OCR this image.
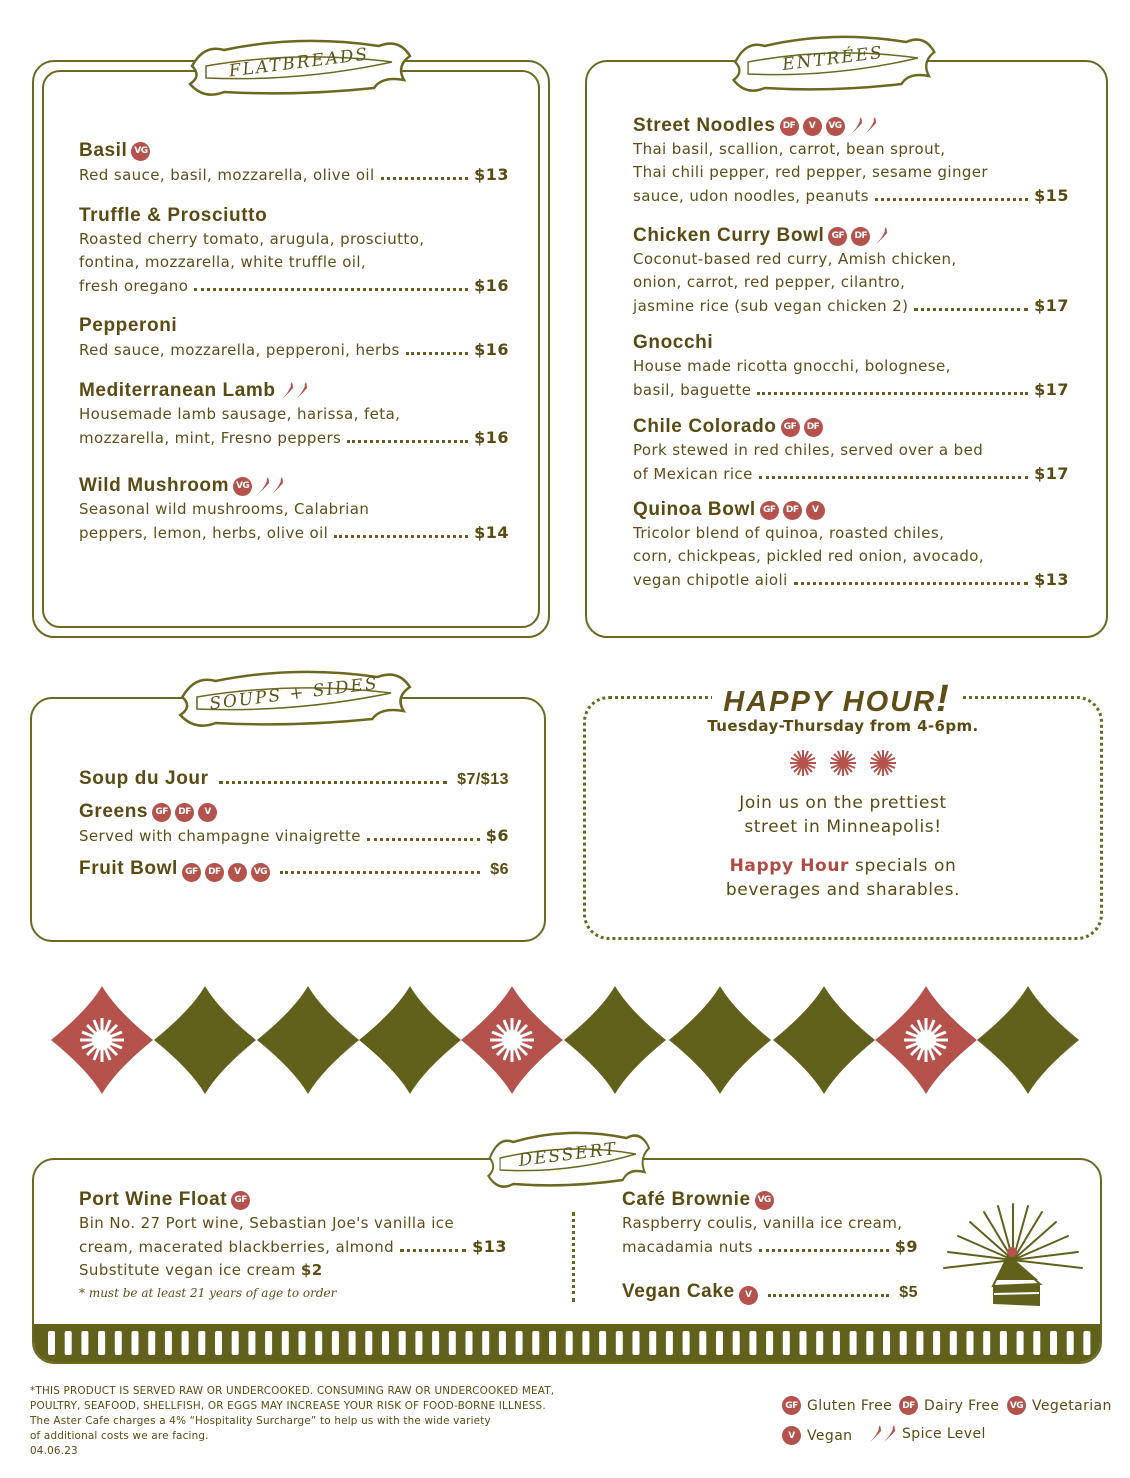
FLATBREADS
Basil VG
Red sauce, basil, mozzarella, olive oil	$13
Truffle & Prosciutto
Roasted cherry tomato, arugula, prosciutto,
fontina, mozzarella, white truffle oil,
fresh oregano	$16
Pepperoni
Red sauce, mozzarella, pepperoni, herbs	$16
Mediterranean Lamb
Housemade lamb sausage, harissa, feta,
mozzarella, mint, Fresno peppers	$16
Wild Mushroom VG
Seasonal wild mushrooms, Calabrian
peppers, lemon, herbs, olive oil	$14
ENTRÉES
Street Noodles DF	V	VG
Thai basil, scallion, carrot, bean sprout,
Thai chili pepper, red pepper, sesame ginger
sauce, udon noodles, peanuts	$15
Chicken Curry Bowl GF	DF
Coconut-based red curry, Amish chicken,
onion, carrot, red pepper, cilantro,
jasmine rice (sub vegan chicken 2)	$17
Gnocchi
House made ricotta gnocchi, bolognese,
basil, baguette	$17
Chile Colorado GF	DF
Pork stewed in red chiles, served over a bed
of Mexican rice	$17
Quinoa Bowl GF	DF	V
Tricolor blend of quinoa, roasted chiles,
corn, chickpeas, pickled red onion, avocado,
vegan chipotle aioli	$13
SOUPS + SIDES
Soup du Jour	$7/$13
Greens GF	DF	V
Served with champagne vinaigrette	$6
Fruit Bowl GF	DF	V	VG	$6
HAPPY HOUR!
Tuesday-Thursday from 4-6pm.
Join us on the prettiest
street in Minneapolis!
Happy Hour specials on
beverages and sharables.
DESSERT
Port Wine Float GF
Bin No. 27 Port wine, Sebastian Joe's vanilla ice
cream, macerated blackberries, almond	$13
Substitute vegan ice cream $2
* must be at least 21 years of age to order
Café Brownie VG
Raspberry coulis, vanilla ice cream,
macadamia nuts	$9
Vegan Cake	V	$5
*THIS PRODUCT IS SERVED RAW OR UNDERCOOKED. CONSUMING RAW OR UNDERCOOKED MEAT,
POULTRY, SEAFOOD, SHELLFISH, OR EGGS MAY INCREASE YOUR RISK OF FOOD-BORNE ILLNESS.
The Aster Cafe charges a 4% “Hospitality Surcharge” to help us with the wide variety
of additional costs we are facing.
04.06.23
GF Gluten Free	DF Dairy Free	VG Vegetarian
V Vegan	Spice Level
